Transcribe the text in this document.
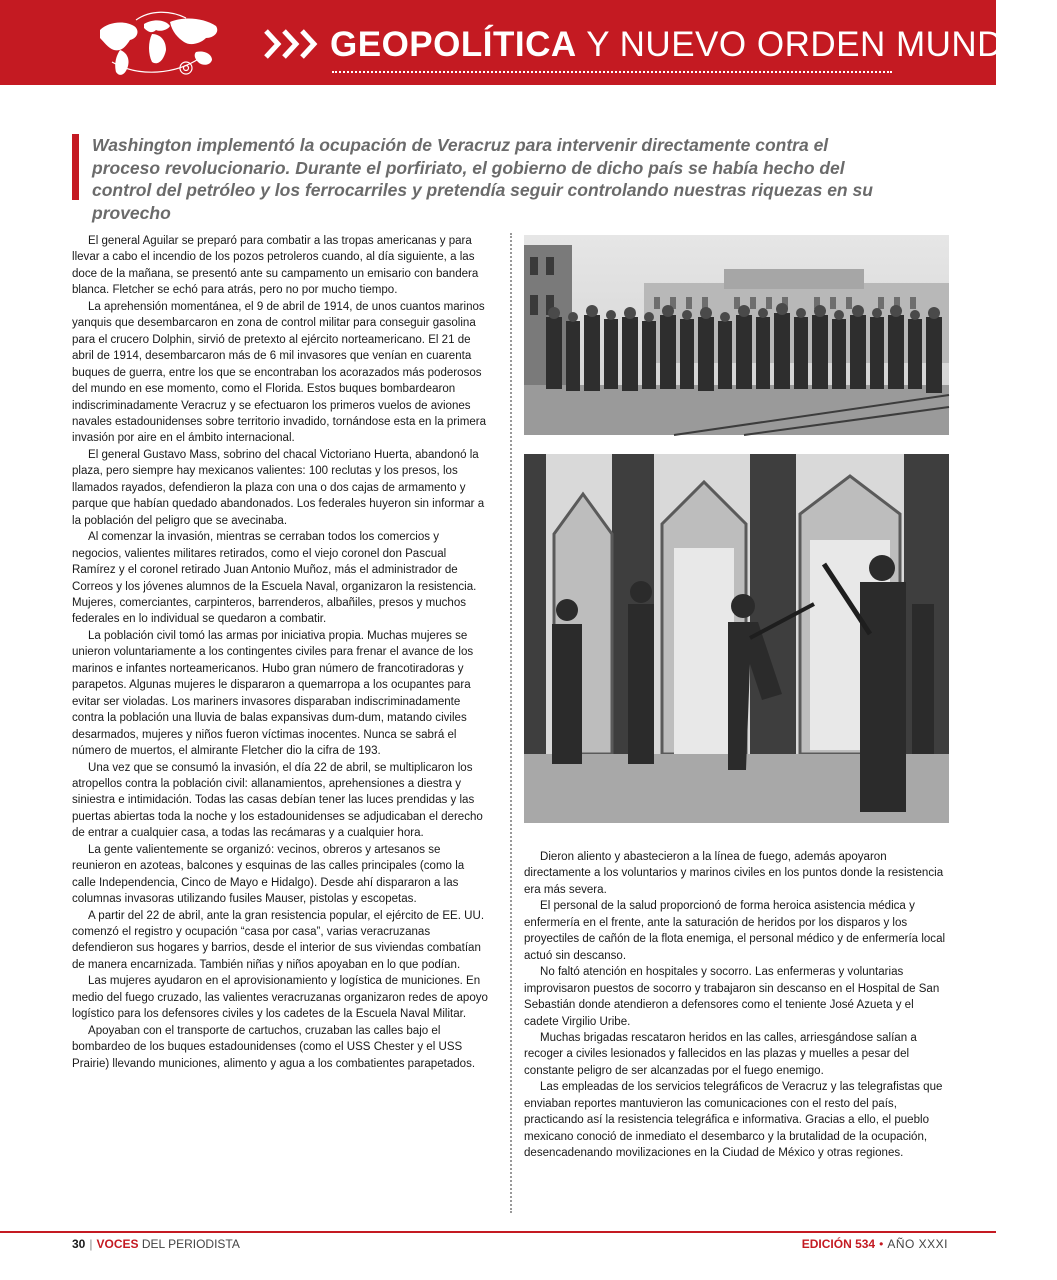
GEOPOLÍTICA Y NUEVO ORDEN MUNDIAL
Washington implementó la ocupación de Veracruz para intervenir directamente contra el proceso revolucionario. Durante el porfiriato, el gobierno de dicho país se había hecho del control del petróleo y los ferrocarriles y pretendía seguir controlando nuestras riquezas en su provecho

El general Aguilar se preparó para combatir a las tropas americanas y para llevar a cabo el incendio de los pozos petroleros cuando, al día siguiente, a las doce de la mañana, se presentó ante su campamento un emisario con bandera blanca. Fletcher se echó para atrás, pero no por mucho tiempo.

La aprehensión momentánea, el 9 de abril de 1914, de unos cuantos marinos yanquis que desembarcaron en zona de control militar para conseguir gasolina para el crucero Dolphin, sirvió de pretexto al ejército norteamericano. El 21 de abril de 1914, desembarcaron más de 6 mil invasores que venían en cuarenta buques de guerra, entre los que se encontraban los acorazados más poderosos del mundo en ese momento, como el Florida. Estos buques bombardearon indiscriminadamente Veracruz y se efectuaron los primeros vuelos de aviones navales estadounidenses sobre territorio invadido, tornándose esta en la primera invasión por aire en el ámbito internacional.

El general Gustavo Mass, sobrino del chacal Victoriano Huerta, abandonó la plaza, pero siempre hay mexicanos valientes: 100 reclutas y los presos, los llamados rayados, defendieron la plaza con una o dos cajas de armamento y parque que habían quedado abandonados. Los federales huyeron sin informar a la población del peligro que se avecinaba.

Al comenzar la invasión, mientras se cerraban todos los comercios y negocios, valientes militares retirados, como el viejo coronel don Pascual Ramírez y el coronel retirado Juan Antonio Muñoz, más el administrador de Correos y los jóvenes alumnos de la Escuela Naval, organizaron la resistencia. Mujeres, comerciantes, carpinteros, barrenderos, albañiles, presos y muchos federales en lo individual se quedaron a combatir.

La población civil tomó las armas por iniciativa propia. Muchas mujeres se unieron voluntariamente a los contingentes civiles para frenar el avance de los marinos e infantes norteamericanos. Hubo gran número de francotiradoras y parapetos. Algunas mujeres le dispararon a quemarropa a los ocupantes para evitar ser violadas. Los mariners invasores disparaban indiscriminadamente contra la población una lluvia de balas expansivas dum-dum, matando civiles desarmados, mujeres y niños fueron víctimas inocentes. Nunca se sabrá el número de muertos, el almirante Fletcher dio la cifra de 193.

Una vez que se consumó la invasión, el día 22 de abril, se multiplicaron los atropellos contra la población civil: allanamientos, aprehensiones a diestra y siniestra e intimidación. Todas las casas debían tener las luces prendidas y las puertas abiertas toda la noche y los estadounidenses se adjudicaban el derecho de entrar a cualquier casa, a todas las recámaras y a cualquier hora.

La gente valientemente se organizó: vecinos, obreros y artesanos se reunieron en azoteas, balcones y esquinas de las calles principales (como la calle Independencia, Cinco de Mayo e Hidalgo). Desde ahí dispararon a las columnas invasoras utilizando fusiles Mauser, pistolas y escopetas.

A partir del 22 de abril, ante la gran resistencia popular, el ejército de EE. UU. comenzó el registro y ocupación “casa por casa”, varias veracruzanas defendieron sus hogares y barrios, desde el interior de sus viviendas combatían de manera encarnizada. También niñas y niños apoyaban en lo que podían.

Las mujeres ayudaron en el aprovisionamiento y logística de municiones. En medio del fuego cruzado, las valientes veracruzanas organizaron redes de apoyo logístico para los defensores civiles y los cadetes de la Escuela Naval Militar.

Apoyaban con el transporte de cartuchos, cruzaban las calles bajo el bombardeo de los buques estadounidenses (como el USS Chester y el USS Prairie) llevando municiones, alimento y agua a los combatientes parapetados.

Dieron aliento y abastecieron a la línea de fuego, además apoyaron directamente a los voluntarios y marinos civiles en los puntos donde la resistencia era más severa.

El personal de la salud proporcionó de forma heroica asistencia médica y enfermería en el frente, ante la saturación de heridos por los disparos y los proyectiles de cañón de la flota enemiga, el personal médico y de enfermería local actuó sin descanso.

No faltó atención en hospitales y socorro. Las enfermeras y voluntarias improvisaron puestos de socorro y trabajaron sin descanso en el Hospital de San Sebastián donde atendieron a defensores como el teniente José Azueta y el cadete Virgilio Uribe.

Muchas brigadas rescataron heridos en las calles, arriesgándose salían a recoger a civiles lesionados y fallecidos en las plazas y muelles a pesar del constante peligro de ser alcanzadas por el fuego enemigo.

Las empleadas de los servicios telegráficos de Veracruz y las telegrafistas que enviaban reportes mantuvieron las comunicaciones con el resto del país, practicando así la resistencia telegráfica e informativa. Gracias a ello, el pueblo mexicano conoció de inmediato el desembarco y la brutalidad de la ocupación, desencadenando movilizaciones en la Ciudad de México y otras regiones.

30 | VOCES DEL PERIODISTA	EDICIÓN 534 • AÑO XXXI
